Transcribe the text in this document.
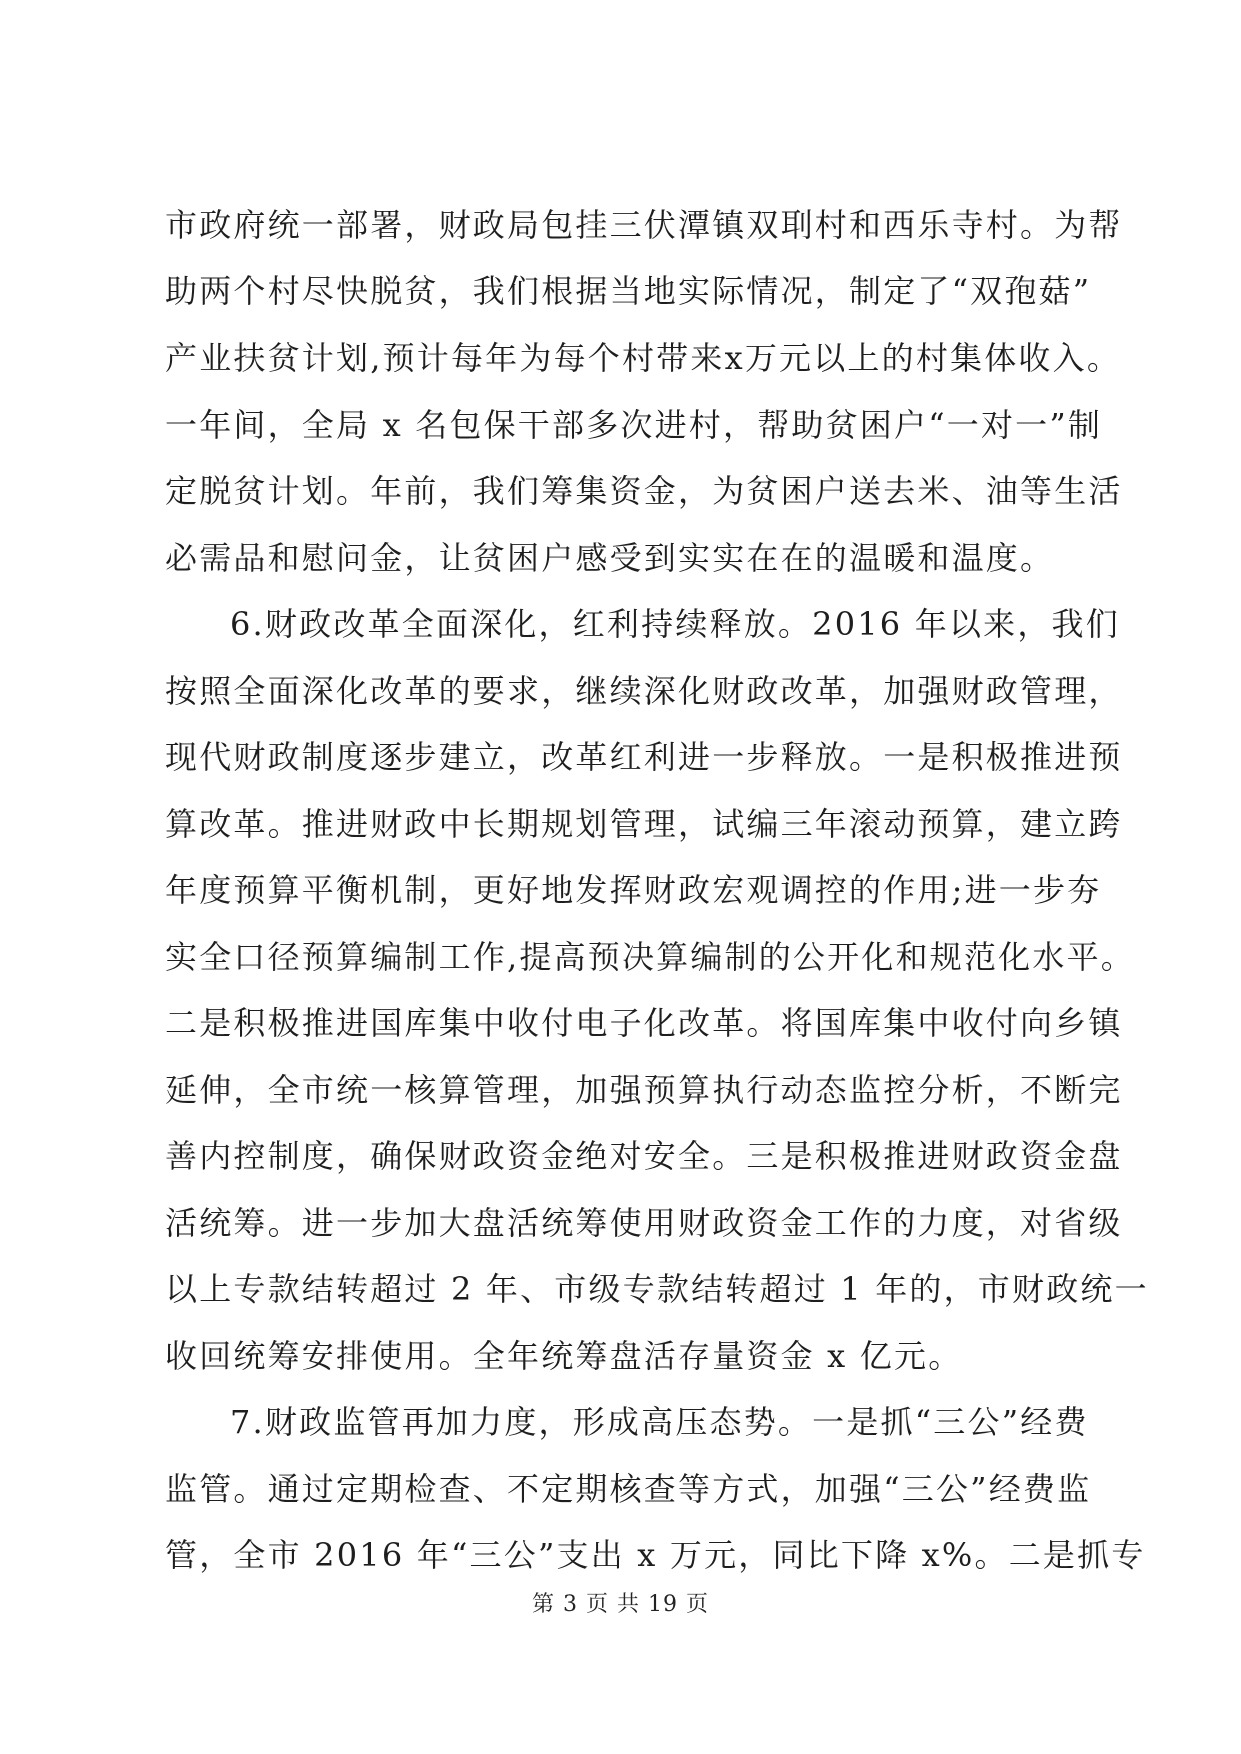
市政府统一部署，财政局包挂三伏潭镇双刵村和西乐寺村。为帮
助两个村尽快脱贫，我们根据当地实际情况，制定了“双孢菇”
产业扶贫计划,预计每年为每个村带来x万元以上的村集体收入。
一年间，全局 x 名包保干部多次进村，帮助贫困户“一对一”制
定脱贫计划。年前，我们筹集资金，为贫困户送去米、油等生活
必需品和慰问金，让贫困户感受到实实在在的温暖和温度。
6.财政改革全面深化，红利持续释放。2016 年以来，我们
按照全面深化改革的要求，继续深化财政改革，加强财政管理，
现代财政制度逐步建立，改革红利进一步释放。一是积极推进预
算改革。推进财政中长期规划管理，试编三年滚动预算，建立跨
年度预算平衡机制，更好地发挥财政宏观调控的作用;进一步夯
实全口径预算编制工作,提高预决算编制的公开化和规范化水平。
二是积极推进国库集中收付电子化改革。将国库集中收付向乡镇
延伸，全市统一核算管理，加强预算执行动态监控分析，不断完
善内控制度，确保财政资金绝对安全。三是积极推进财政资金盘
活统筹。进一步加大盘活统筹使用财政资金工作的力度，对省级
以上专款结转超过 2 年、市级专款结转超过 1 年的，市财政统一
收回统筹安排使用。全年统筹盘活存量资金 x 亿元。
7.财政监管再加力度，形成高压态势。一是抓“三公”经费
监管。通过定期检查、不定期核查等方式，加强“三公”经费监
管，全市 2016 年“三公”支出 x 万元，同比下降 x%。二是抓专
第 3 页 共 19 页
